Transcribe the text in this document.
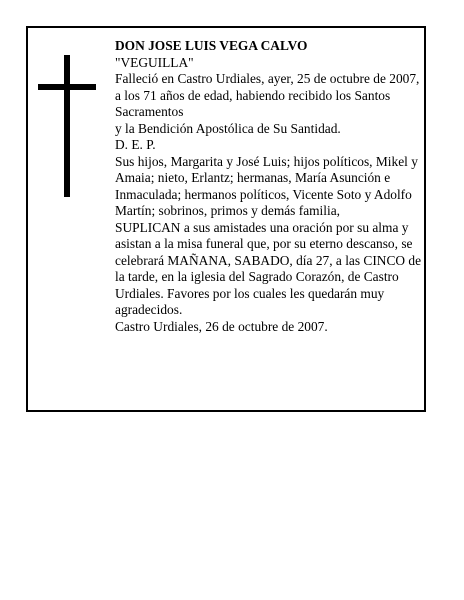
DON JOSE LUIS VEGA CALVO

"VEGUILLA"

Falleció en Castro Urdiales, ayer, 25 de octubre de 2007,

a los 71 años de edad, habiendo recibido los Santos Sacramentos

y la Bendición Apostólica de Su Santidad.

D. E. P.

Sus hijos, Margarita y José Luis; hijos políticos, Mikel y Amaia; nieto, Erlantz; hermanas, María Asunción e Inmaculada; hermanos políticos, Vicente Soto y Adolfo Martín; sobrinos, primos y demás familia,

SUPLICAN a sus amistades una oración por su alma y asistan a la misa funeral que, por su eterno descanso, se celebrará MAÑANA, SABADO, día 27, a las CINCO de la tarde, en la iglesia del Sagrado Corazón, de Castro Urdiales. Favores por los cuales les quedarán muy agradecidos.

Castro Urdiales, 26 de octubre de 2007.
